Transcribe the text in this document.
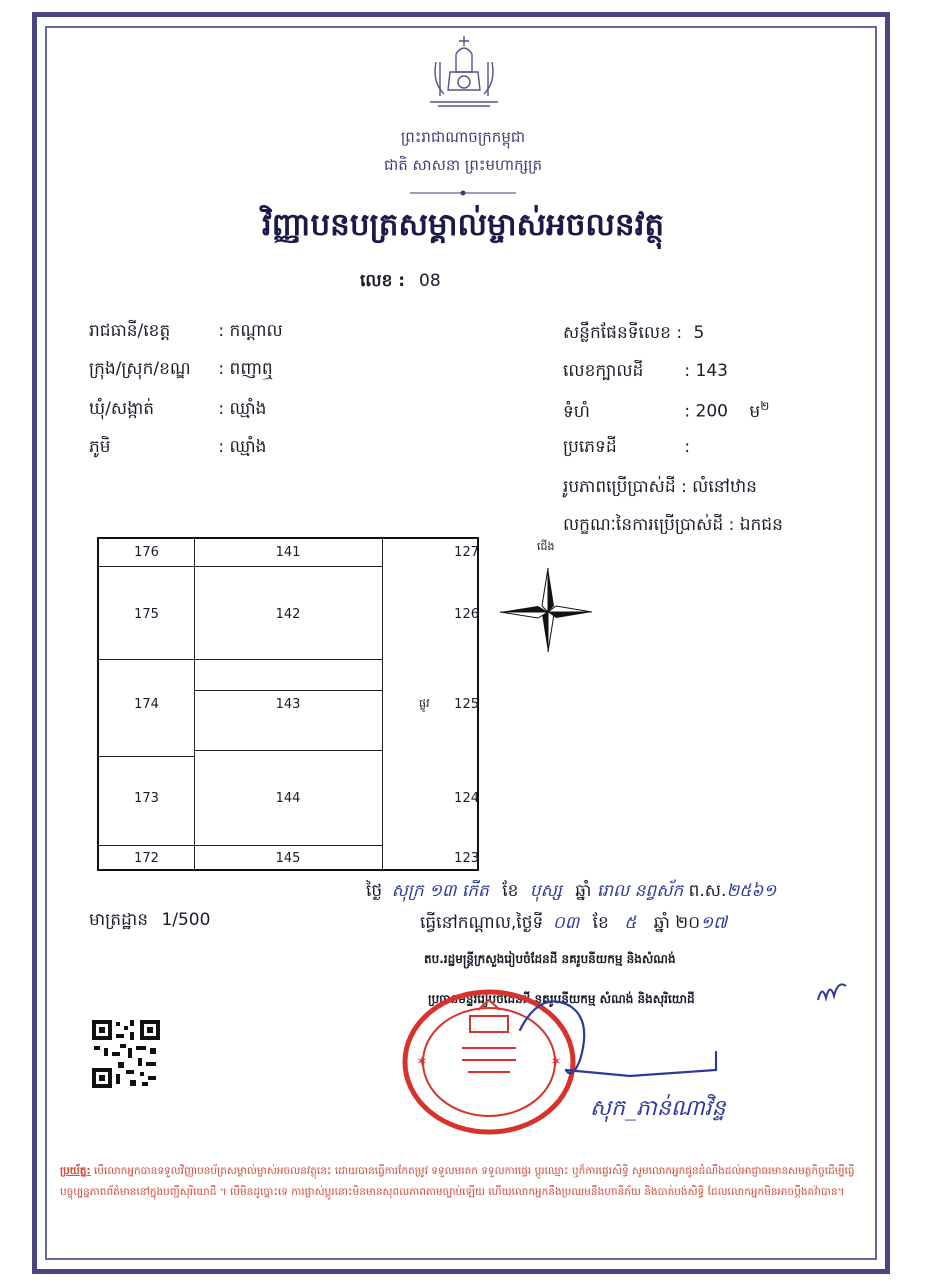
ព្រះរាជាណាចក្រកម្ពុជា
ជាតិ សាសនា ព្រះមហាក្សត្រ
វិញ្ញាបនបត្រសម្គាល់ម្ចាស់អចលនវត្ថុ
លេខ : 08
រាជធានី/ខេត្ត	: កណ្ដាល
ក្រុង/ស្រុក/ខណ្ឌ : ពញាឮ
ឃុំ/សង្កាត់	: ឈ្មាំង
ភូមិ	: ឈ្មាំង
សន្លឹកផែនទីលេខ : 5
លេខក្បាលដី : 143
ទំហំ	: 200 ម$^២$
ប្រភេទដី	:
រូបភាពប្រើប្រាស់ដី : លំនៅឋាន
លក្ខណៈនៃការប្រើប្រាស់ដី : ឯកជន
176	141	127
175	142	126
174	143	125
ផ្លូវ
173	144	124
172	145	123
ជើង
មាត្រដ្ឋាន 1/500
ថ្ងៃ សុក្រ ១៣ កើត ខែ បុស្ស ឆ្នាំ រោល នព្វស័ក ព.ស.២៥៦១
ធ្វើនៅកណ្ដាល,ថ្ងៃទី ០៣ ខែ ៥ ឆ្នាំ ២០១៧
តប.រដ្ឋមន្ត្រីក្រសួងរៀបចំដែនដី នគរូបនីយកម្ម និងសំណង់
ប្រធានមន្ទីររៀបចំដែនដី នគរូបនីយកម្ម សំណង់ និងសុរិយោដី
✶	✶
សុក_ភាន់ណាវិន្ទ
ប្រយ័ត្ន: បើលោកអ្នកបានទទួលវិញ្ញាបនប័ត្រសម្គាល់ម្ចាស់អចលនវត្ថុនេះ ដោយបានធ្វើការកែតម្រូវ ទទួលមរតក ទទួលការផ្ទេរ ប្តូរឈ្មោះ ឬក៏ការផ្ទេរសិទ្ធិ សូមលោកអ្នកជូនដំណឹងដល់អាជ្ញាធរមានសមត្ថកិច្ចដើម្បីធ្វើបច្ចុប្បន្នភាពព័ត៌មាននៅក្នុងបញ្ជីសុរិយោដី ។ បើមិនដូច្នោះទេ ការផ្លាស់ប្តូរនោះមិនមានសុពលភាពតាមច្បាប់ឡើយ ហើយលោកអ្នកនឹងប្រឈមនឹងហានិភ័យ និងបាត់បង់សិទ្ធិ ដែលលោកអ្នកមិនអាចប្តឹងតវ៉ាបាន។
